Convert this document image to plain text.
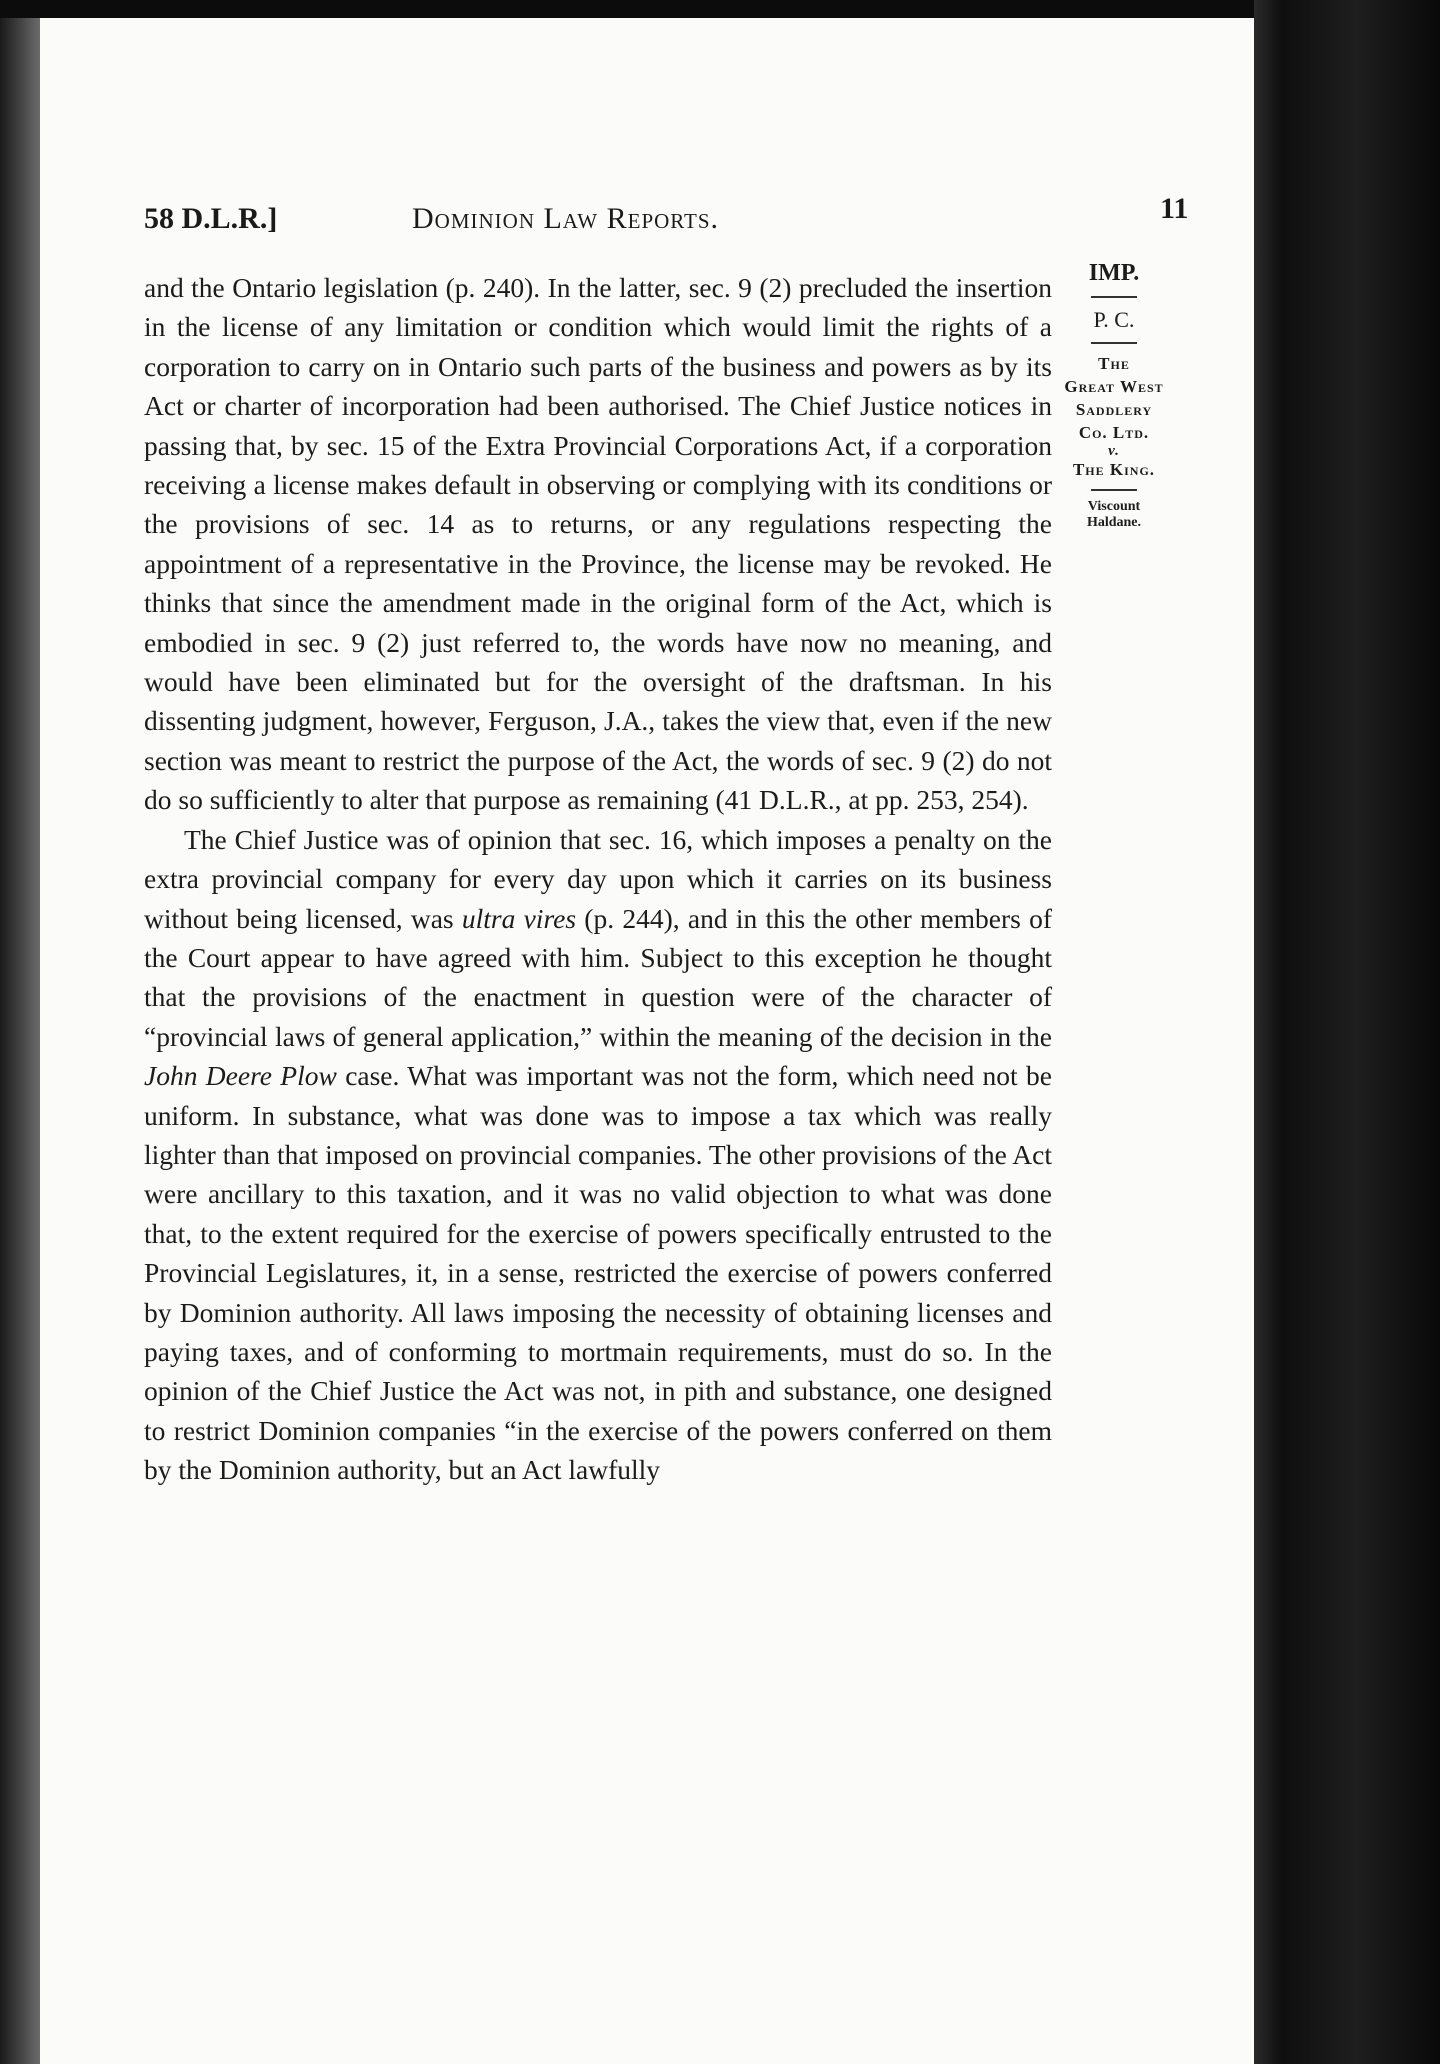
58 D.L.R.]	Dominion Law Reports.	11

and the Ontario legislation (p. 240). In the latter, sec. 9 (2) precluded the insertion in the license of any limitation or condition which would limit the rights of a corporation to carry on in Ontario such parts of the business and powers as by its Act or charter of incorporation had been authorised. The Chief Justice notices in passing that, by sec. 15 of the Extra Provincial Corporations Act, if a corporation receiving a license makes default in observing or complying with its conditions or the provisions of sec. 14 as to returns, or any regulations respecting the appointment of a representative in the Province, the license may be revoked. He thinks that since the amendment made in the original form of the Act, which is embodied in sec. 9 (2) just referred to, the words have now no meaning, and would have been eliminated but for the oversight of the draftsman. In his dissenting judgment, however, Ferguson, J.A., takes the view that, even if the new section was meant to restrict the purpose of the Act, the words of sec. 9 (2) do not do so sufficiently to alter that purpose as remaining (41 D.L.R., at pp. 253, 254).

The Chief Justice was of opinion that sec. 16, which imposes a penalty on the extra provincial company for every day upon which it carries on its business without being licensed, was ultra vires (p. 244), and in this the other members of the Court appear to have agreed with him. Subject to this exception he thought that the provisions of the enactment in question were of the character of “provincial laws of general application,” within the meaning of the decision in the John Deere Plow case. What was important was not the form, which need not be uniform. In substance, what was done was to impose a tax which was really lighter than that imposed on provincial companies. The other provisions of the Act were ancillary to this taxation, and it was no valid objection to what was done that, to the extent required for the exercise of powers specifically entrusted to the Provincial Legislatures, it, in a sense, restricted the exercise of powers conferred by Dominion authority. All laws imposing the necessity of obtaining licenses and paying taxes, and of conforming to mortmain requirements, must do so. In the opinion of the Chief Justice the Act was not, in pith and substance, one designed to restrict Dominion companies “in the exercise of the powers conferred on them by the Dominion authority, but an Act lawfully

IMP.
P. C.
The
Great West
Saddlery
Co. Ltd.
v.
The King.
Viscount
Haldane.
